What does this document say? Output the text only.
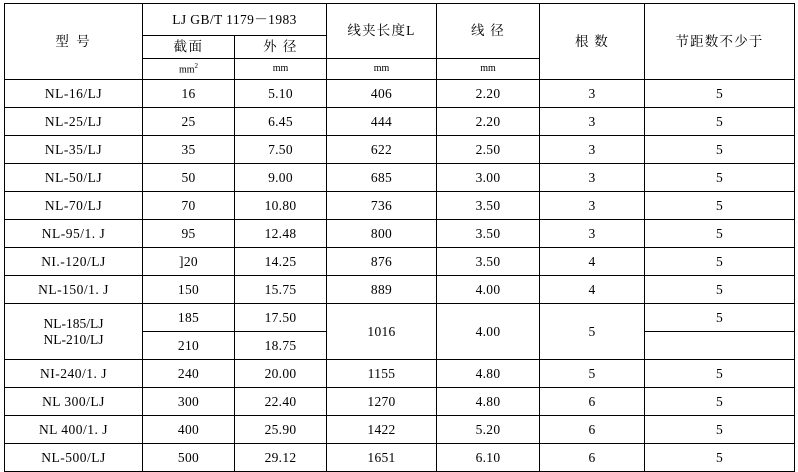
型 号	LJ GB/T 1179－1983		线夹长度L	线 径	根 数	节距数不少于
	截面	外 径				

	$mm^2$	mm	mm	mm		

NL-16/LJ	16	5.10	406	2.20	3	5
NL-25/LJ	25	6.45	444	2.20	3	5
NL-35/LJ	35	7.50	622	2.50	3	5
NL-50/LJ	50	9.00	685	3.00	3	5
NL-70/LJ	70	10.80	736	3.50	3	5
NL-95/1. J	95	12.48	800	3.50	3	5
NI.-120/LJ	]20	14.25	876	3.50	4	5
NL-150/1. J	150	15.75	889	4.00	4	5

NL-185/LJ
NL-210/LJ	185	17.50	1016	4.00	5	5
	210	18.75				
NI-240/1. J	240	20.00	1155	4.80	5	5
NL 300/LJ	300	22.40	1270	4.80	6	5
NL 400/1. J	400	25.90	1422	5.20	6	5
NL-500/LJ	500	29.12	1651	6.10	6	5
